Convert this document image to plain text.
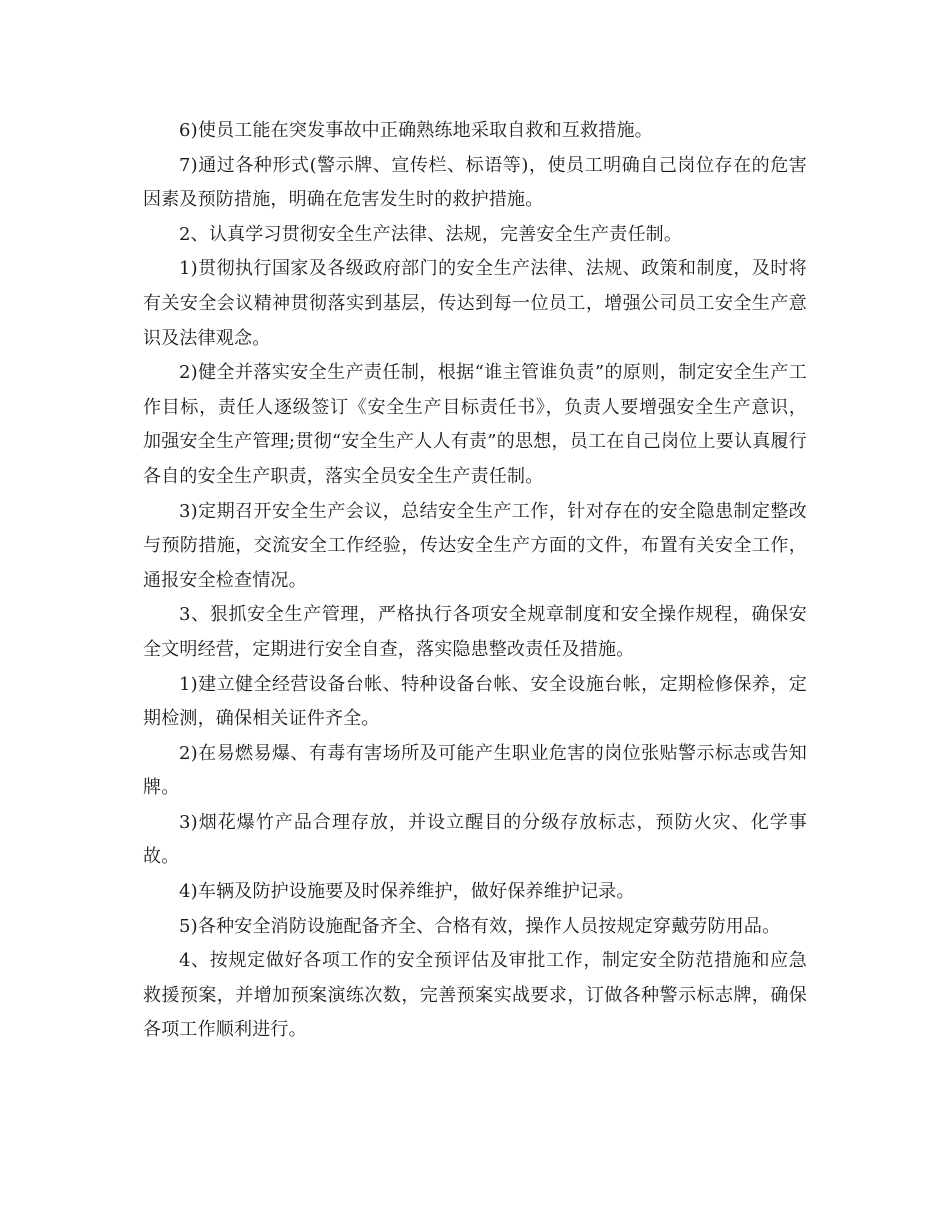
6)使员工能在突发事故中正确熟练地采取自救和互救措施。

7)通过各种形式(警示牌、宣传栏、标语等)，使员工明确自己岗位存在的危害因素及预防措施，明确在危害发生时的救护措施。

2、认真学习贯彻安全生产法律、法规，完善安全生产责任制。

1)贯彻执行国家及各级政府部门的安全生产法律、法规、政策和制度，及时将有关安全会议精神贯彻落实到基层，传达到每一位员工，增强公司员工安全生产意识及法律观念。

2)健全并落实安全生产责任制，根据“谁主管谁负责”的原则，制定安全生产工作目标，责任人逐级签订《安全生产目标责任书》，负责人要增强安全生产意识，加强安全生产管理;贯彻“安全生产人人有责”的思想，员工在自己岗位上要认真履行各自的安全生产职责，落实全员安全生产责任制。

3)定期召开安全生产会议，总结安全生产工作，针对存在的安全隐患制定整改与预防措施，交流安全工作经验，传达安全生产方面的文件，布置有关安全工作，通报安全检查情况。

3、狠抓安全生产管理，严格执行各项安全规章制度和安全操作规程，确保安全文明经营，定期进行安全自查，落实隐患整改责任及措施。

1)建立健全经营设备台帐、特种设备台帐、安全设施台帐，定期检修保养，定期检测，确保相关证件齐全。

2)在易燃易爆、有毒有害场所及可能产生职业危害的岗位张贴警示标志或告知牌。

3)烟花爆竹产品合理存放，并设立醒目的分级存放标志，预防火灾、化学事故。

4)车辆及防护设施要及时保养维护，做好保养维护记录。

5)各种安全消防设施配备齐全、合格有效，操作人员按规定穿戴劳防用品。

4、按规定做好各项工作的安全预评估及审批工作，制定安全防范措施和应急救援预案，并增加预案演练次数，完善预案实战要求，订做各种警示标志牌，确保各项工作顺利进行。
